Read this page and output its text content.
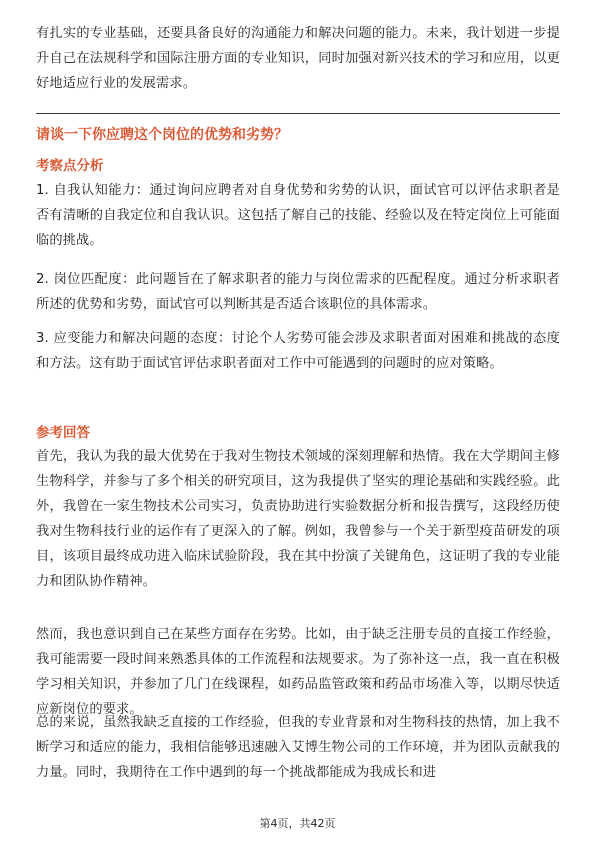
有扎实的专业基础，还要具备良好的沟通能力和解决问题的能力。未来，我计划进一步提升自己在法规科学和国际注册方面的专业知识，同时加强对新兴技术的学习和应用，以更好地适应行业的发展需求。

请谈一下你应聘这个岗位的优势和劣势？
考察点分析

1. 自我认知能力：通过询问应聘者对自身优势和劣势的认识，面试官可以评估求职者是否有清晰的自我定位和自我认识。这包括了解自己的技能、经验以及在特定岗位上可能面临的挑战。

2. 岗位匹配度：此问题旨在了解求职者的能力与岗位需求的匹配程度。通过分析求职者所述的优势和劣势，面试官可以判断其是否适合该职位的具体需求。

3. 应变能力和解决问题的态度：讨论个人劣势可能会涉及求职者面对困难和挑战的态度和方法。这有助于面试官评估求职者面对工作中可能遇到的问题时的应对策略。

参考回答

首先，我认为我的最大优势在于我对生物技术领域的深刻理解和热情。我在大学期间主修生物科学，并参与了多个相关的研究项目，这为我提供了坚实的理论基础和实践经验。此外，我曾在一家生物技术公司实习，负责协助进行实验数据分析和报告撰写，这段经历使我对生物科技行业的运作有了更深入的了解。例如，我曾参与一个关于新型疫苗研发的项目，该项目最终成功进入临床试验阶段，我在其中扮演了关键角色，这证明了我的专业能力和团队协作精神。

然而，我也意识到自己在某些方面存在劣势。比如，由于缺乏注册专员的直接工作经验，我可能需要一段时间来熟悉具体的工作流程和法规要求。为了弥补这一点，我一直在积极学习相关知识，并参加了几门在线课程，如药品监管政策和药品市场准入等，以期尽快适应新岗位的要求。

总的来说，虽然我缺乏直接的工作经验，但我的专业背景和对生物科技的热情，加上我不断学习和适应的能力，我相信能够迅速融入艾博生物公司的工作环境，并为团队贡献我的力量。同时，我期待在工作中遇到的每一个挑战都能成为我成长和进

第4页，共42页
